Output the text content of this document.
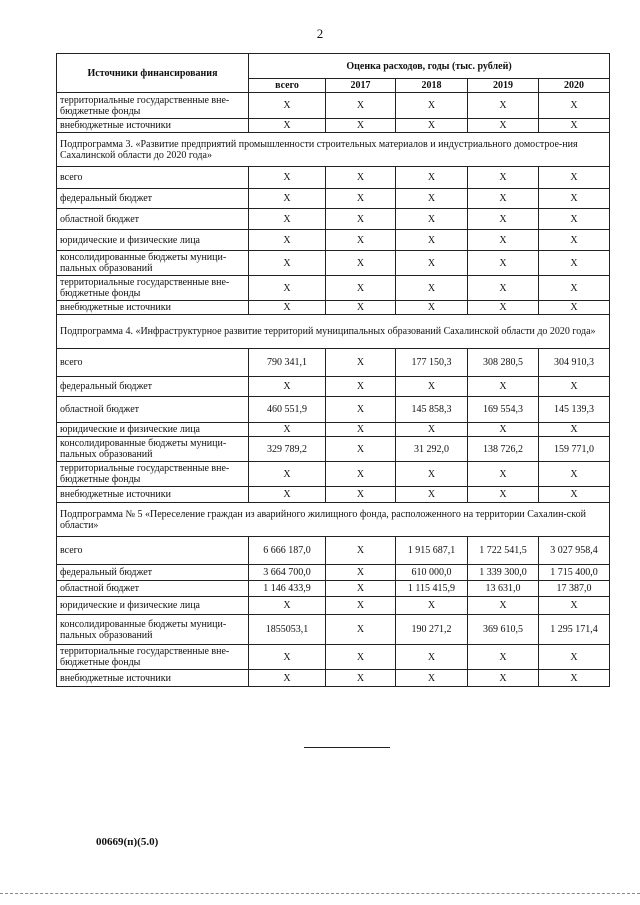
2
Источники финансирования	Оценка расходов, годы (тыс. рублей)				
	всего	2017	2018	2019	2020
территориальные государственные вне-бюджетные фонды	X	X	X	X	X
внебюджетные источники	X	X	X	X	X
Подпрограмма 3. «Развитие предприятий промышленности строительных материалов и индустриального домострое-ния Сахалинской области до 2020 года»					
всего	X	X	X	X	X
федеральный бюджет	X	X	X	X	X
областной бюджет	X	X	X	X	X
юридические и физические лица	X	X	X	X	X
консолидированные бюджеты муници-пальных образований	X	X	X	X	X
территориальные государственные вне-бюджетные фонды	X	X	X	X	X
внебюджетные источники	X	X	X	X	X
Подпрограмма 4. «Инфраструктурное развитие территорий муниципальных образований Сахалинской области до 2020 года»					
всего	790 341,1	X	177 150,3	308 280,5	304 910,3
федеральный бюджет	X	X	X	X	X
областной бюджет	460 551,9	X	145 858,3	169 554,3	145 139,3
юридические и физические лица	X	X	X	X	X
консолидированные бюджеты муници-пальных образований	329 789,2	X	31 292,0	138 726,2	159 771,0
территориальные государственные вне-бюджетные фонды	X	X	X	X	X
внебюджетные источники	X	X	X	X	X
Подпрограмма № 5 «Переселение граждан из аварийного жилищного фонда, расположенного на территории Сахалин-ской области»					
всего	6 666 187,0	X	1 915 687,1	1 722 541,5	3 027 958,4
федеральный бюджет	3 664 700,0	X	610 000,0	1 339 300,0	1 715 400,0
областной бюджет	1 146 433,9	X	1 115 415,9	13 631,0	17 387,0
юридические и физические лица	X	X	X	X	X
консолидированные бюджеты муници-пальных образований	1855053,1	X	190 271,2	369 610,5	1 295 171,4
территориальные государственные вне-бюджетные фонды	X	X	X	X	X
внебюджетные источники	X	X	X	X	X
00669(п)(5.0)
